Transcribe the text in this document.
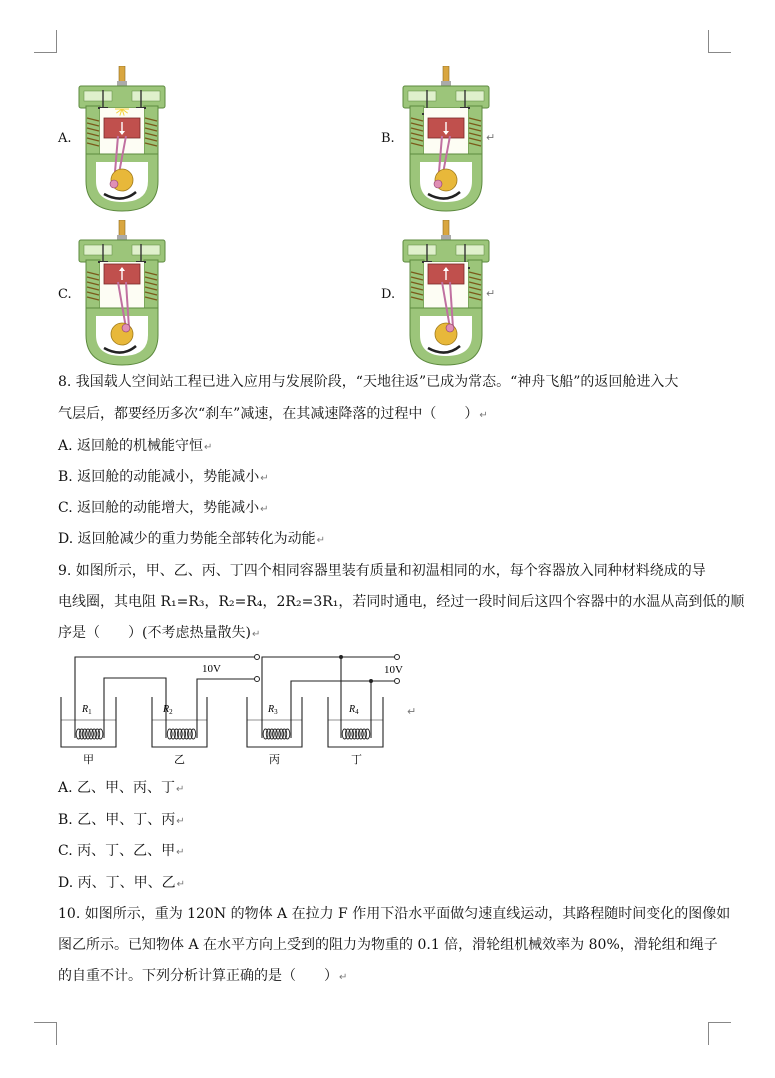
A.	B.
C.	D.
↵
↵
8. 我国载人空间站工程已进入应用与发展阶段，“天地往返”已成为常态。“神舟飞船”的返回舱进入大
气层后，都要经历多次“刹车”减速，在其减速降落的过程中（　　）↵
A. 返回舱的机械能守恒↵
B. 返回舱的动能减小，势能减小↵
C. 返回舱的动能增大，势能减小↵
D. 返回舱减少的重力势能全部转化为动能↵
9. 如图所示，甲、乙、丙、丁四个相同容器里装有质量和初温相同的水，每个容器放入同种材料绕成的导
电线圈，其电阻 R₁=R₃，R₂=R₄，2R₂=3R₁，若同时通电，经过一段时间后这四个容器中的水温从高到低的顺
序是（　　）(不考虑热量散失)↵
10V	10V
$R_1$	$R_2$	$R_3$	$R_4$
甲	乙	丙	丁
↵
A. 乙、甲、丙、丁↵
B. 乙、甲、丁、丙↵
C. 丙、丁、乙、甲↵
D. 丙、丁、甲、乙↵
10. 如图所示，重为 120N 的物体 A 在拉力 F 作用下沿水平面做匀速直线运动，其路程随时间变化的图像如
图乙所示。已知物体 A 在水平方向上受到的阻力为物重的 0.1 倍，滑轮组机械效率为 80%，滑轮组和绳子
的自重不计。下列分析计算正确的是（　　）↵
